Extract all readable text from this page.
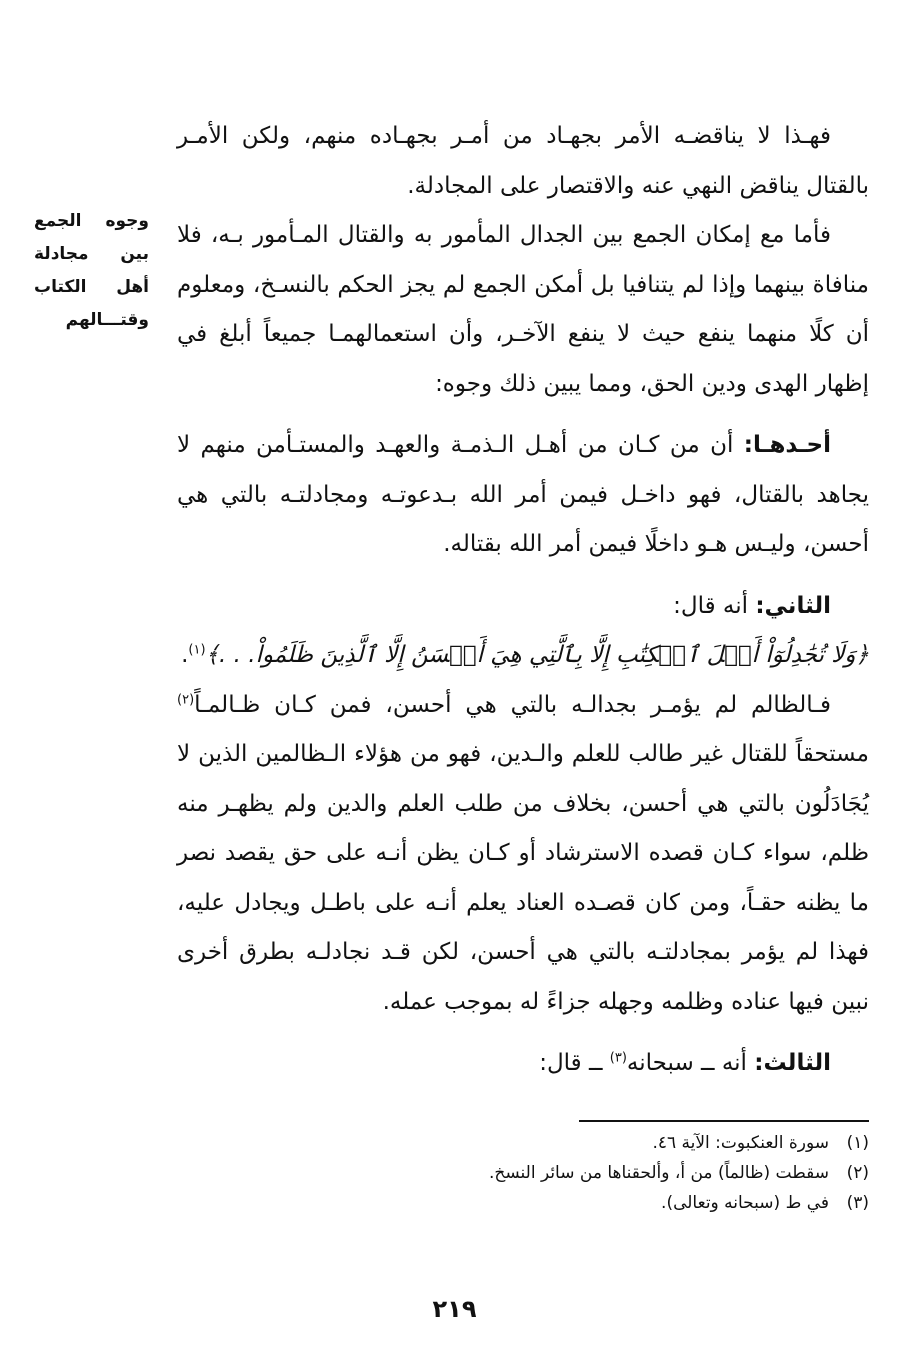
وجوه الجمع
بين مجادلة
أهل الكتاب
وقتـــالهم

فهـذا لا يناقضـه الأمر بجهـاد من أمـر بجهـاده منهم، ولكن الأمـر بالقتال يناقض النهي عنه والاقتصار على المجادلة.

فأما مع إمكان الجمع بين الجدال المأمور به والقتال المـأمور بـه، فلا منافاة بينهما وإذا لم يتنافيا بل أمكن الجمع لم يجز الحكم بالنسـخ، ومعلوم أن كلًا منهما ينفع حيث لا ينفع الآخـر، وأن استعمالهمـا جميعاً أبلغ في إظهار الهدى ودين الحق، ومما يبين ذلك وجوه:

أحـدهـا: أن من كـان من أهـل الـذمـة والعهـد والمستـأمن منهم لا يجاهد بالقتال، فهو داخـل فيمن أمر الله بـدعوتـه ومجادلتـه بالتي هي أحسن، وليـس هـو داخلًا فيمن أمر الله بقتاله.

الثاني: أنه قال:

﴿وَلَا تُجَٰدِلُوٓاْ أَهۡلَ ٱلۡكِتَٰبِ إِلَّا بِٱلَّتِي هِيَ أَحۡسَنُ إِلَّا ٱلَّذِينَ ظَلَمُواْ. . .﴾$^{(١)}$.

فـالظالم لم يؤمـر بجدالـه بالتي هي أحسن، فمن كـان ظـالمـاً$^{(٢)}$ مستحقاً للقتال غير طالب للعلم والـدين، فهو من هؤلاء الـظالمين الذين لا يُجَادَلُون بالتي هي أحسن، بخلاف من طلب العلم والدين ولم يظهـر منه ظلم، سواء كـان قصده الاسترشاد أو كـان يظن أنـه على حق يقصد نصر ما يظنه حقـاً، ومن كان قصـده العناد يعلم أنـه على باطـل ويجادل عليه، فهذا لم يؤمر بمجادلتـه بالتي هي أحسن، لكن قـد نجادلـه بطرق أخرى نبين فيها عناده وظلمه وجهله جزاءً له بموجب عمله.

الثالث: أنه ــ سبحانه$^{(٣)}$ ــ قال:

(١)
سورة العنكبوت: الآية ٤٦.
(٢)
سقطت (ظالماً) من أ، وألحقناها من سائر النسخ.
(٣)
في ط (سبحانه وتعالى).
٢١٩
